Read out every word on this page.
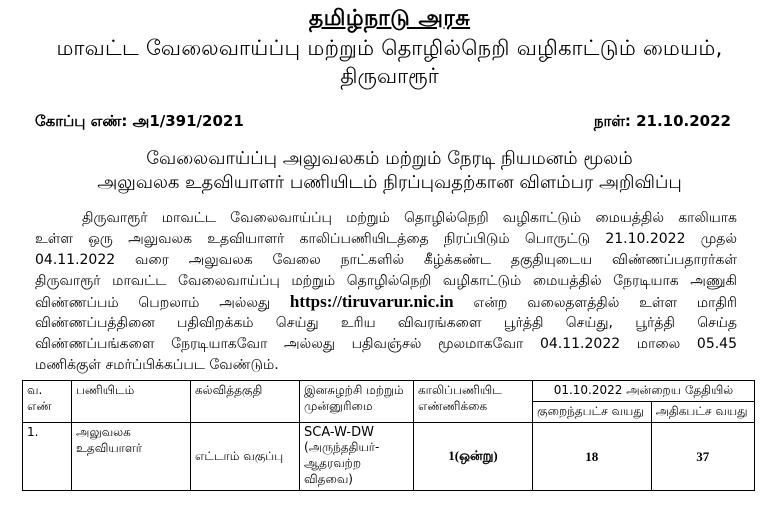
தமிழ்நாடு அரசு
மாவட்ட வேலைவாய்ப்பு மற்றும் தொழில்நெறி வழிகாட்டும் மையம்,
திருவாரூர்
கோப்பு எண்: அ1/391/2021	நாள்: 21.10.2022
வேலைவாய்ப்பு அலுவலகம் மற்றும் நேரடி நியமனம் மூலம்
அலுவலக உதவியாளர் பணியிடம் நிரப்புவதற்கான விளம்பர அறிவிப்பு
திருவாரூர் மாவட்ட வேலைவாய்ப்பு மற்றும் தொழில்நெறி வழிகாட்டும் மையத்தில் காலியாக
உள்ள ஒரு அலுவலக உதவியாளர் காலிப்பணியிடத்தை நிரப்பிடும் பொருட்டு 21.10.2022 முதல்
04.11.2022 வரை அலுவலக வேலை நாட்களில் கீழ்க்கண்ட தகுதியுடைய விண்ணப்பதாரர்கள்
திருவாரூர் மாவட்ட வேலைவாய்ப்பு மற்றும் தொழில்நெறி வழிகாட்டும் மையத்தில் நேரடியாக அணுகி
விண்ணப்பம் பெறலாம் அல்லது https://tiruvarur.nic.in என்ற வலைதளத்தில் உள்ள மாதிரி
விண்ணப்பத்தினை பதிவிறக்கம் செய்து உரிய விவரங்களை பூர்த்தி செய்து, பூர்த்தி செய்த
விண்ணப்பங்களை நேரடியாகவோ அல்லது பதிவஞ்சல் மூலமாகவோ 04.11.2022 மாலை 05.45
மணிக்குள் சமர்ப்பிக்கப்பட வேண்டும்.
வ. எண்	பணியிடம்	கல்வித்தகுதி	இனசுழற்சி மற்றும் முன்னுரிமை	காலிப்பணியிட எண்ணிக்கை	01.10.2022 அன்றைய தேதியில்	
					குறைந்தபட்ச வயது	அதிகபட்ச வயது
1.	அலுவலக உதவியாளர்	எட்டாம் வகுப்பு	SCA-W-DW
(அருந்ததியர்-ஆதரவற்ற விதவை)	1(ஒன்று)	18	37
